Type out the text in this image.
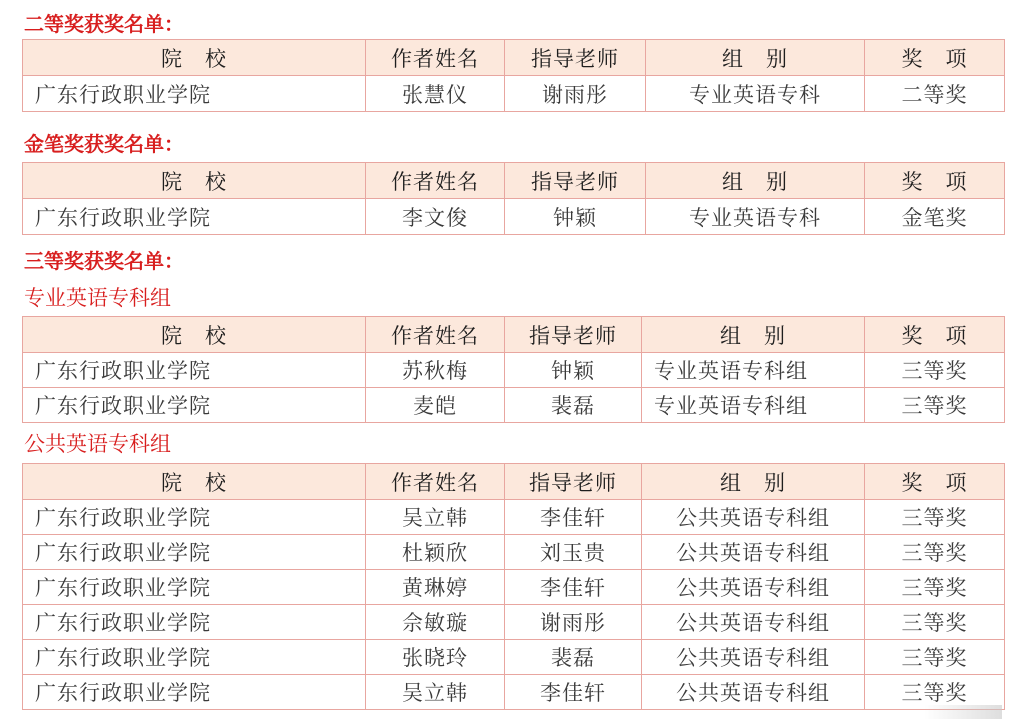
二等奖获奖名单：
院　校	作者姓名	指导老师	组　别	奖　项
广东行政职业学院	张慧仪	谢雨彤	专业英语专科	二等奖
金笔奖获奖名单：
院　校	作者姓名	指导老师	组　别	奖　项
广东行政职业学院	李文俊	钟颖	专业英语专科	金笔奖
三等奖获奖名单：
专业英语专科组
院　校	作者姓名	指导老师	组　别	奖　项
广东行政职业学院	苏秋梅	钟颖	专业英语专科组	三等奖
广东行政职业学院	麦皑	裴磊	专业英语专科组	三等奖
公共英语专科组
院　校	作者姓名	指导老师	组　别	奖　项
广东行政职业学院	吴立韩	李佳轩	公共英语专科组	三等奖
广东行政职业学院	杜颖欣	刘玉贵	公共英语专科组	三等奖
广东行政职业学院	黄琳婷	李佳轩	公共英语专科组	三等奖
广东行政职业学院	佘敏璇	谢雨彤	公共英语专科组	三等奖
广东行政职业学院	张晓玲	裴磊	公共英语专科组	三等奖
广东行政职业学院	吴立韩	李佳轩	公共英语专科组	三等奖
